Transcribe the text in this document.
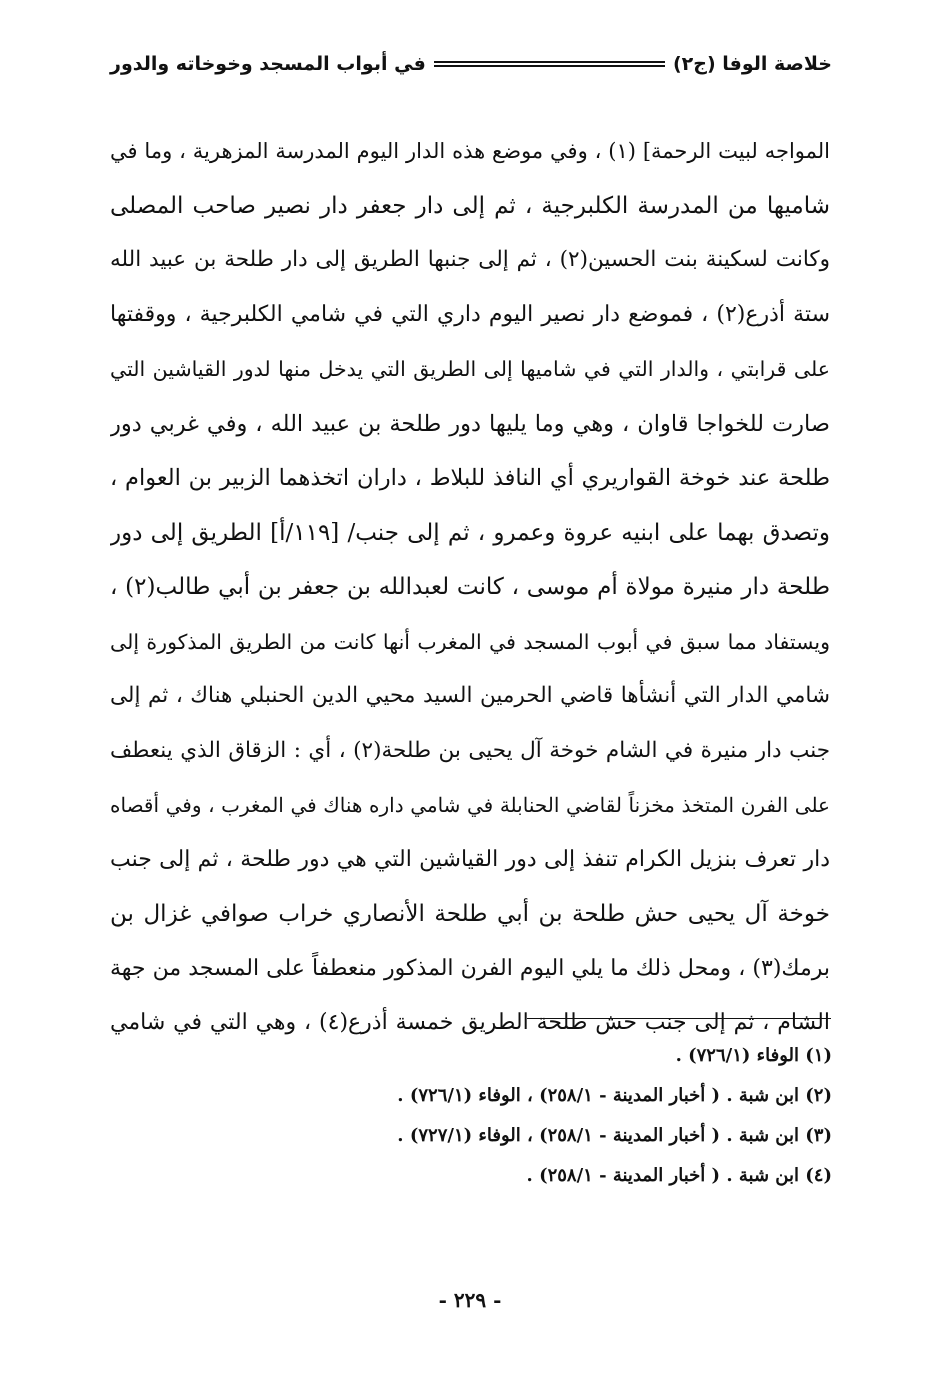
خلاصة الوفا (ج٢)
في أبواب المسجد وخوخاته والدور
المواجه لبيت الرحمة] (١) ، وفي موضع هذه الدار اليوم المدرسة المزهرية ، وما في
شاميها من المدرسة الكلبرجية ، ثم إلى دار جعفر دار نصير صاحب المصلى
وكانت لسكينة بنت الحسين(٢) ، ثم إلى جنبها الطريق إلى دار طلحة بن عبيد الله
ستة أذرع(٢) ، فموضع دار نصير اليوم داري التي في شامي الكلبرجية ، ووقفتها
على قرابتي ، والدار التي في شاميها إلى الطريق التي يدخل منها لدور القياشين التي
صارت للخواجا قاوان ، وهي وما يليها دور طلحة بن عبيد الله ، وفي غربي دور
طلحة عند خوخة القواريري أي النافذ للبلاط ، داران اتخذهما الزبير بن العوام ،
وتصدق بهما على ابنيه عروة وعمرو ، ثم إلى جنب/ [١١٩/أ] الطريق إلى دور
طلحة دار منيرة مولاة أم موسى ، كانت لعبدالله بن جعفر بن أبي طالب(٢) ،
ويستفاد مما سبق في أبوب المسجد في المغرب أنها كانت من الطريق المذكورة إلى
شامي الدار التي أنشأها قاضي الحرمين السيد محيي الدين الحنبلي هناك ، ثم إلى
جنب دار منيرة في الشام خوخة آل يحيى بن طلحة(٢) ، أي : الزقاق الذي ينعطف
على الفرن المتخذ مخزناً لقاضي الحنابلة في شامي داره هناك في المغرب ، وفي أقصاه
دار تعرف بنزيل الكرام تنفذ إلى دور القياشين التي هي دور طلحة ، ثم إلى جنب
خوخة آل يحيى حش طلحة بن أبي طلحة الأنصاري خراب صوافي غزال بن
برمك(٣) ، ومحل ذلك ما يلي اليوم الفرن المذكور منعطفاً على المسجد من جهة
الشام ، ثم إلى جنب حش طلحة الطريق خمسة أذرع(٤) ، وهي التي في شامي
(١) الوفاء (٧٢٦/١) .
(٢) ابن شبة . ( أخبار المدينة - ٢٥٨/١) ، الوفاء (٧٢٦/١) .
(٣) ابن شبة . ( أخبار المدينة - ٢٥٨/١) ، الوفاء (٧٢٧/١) .
(٤) ابن شبة . ( أخبار المدينة - ٢٥٨/١) .
- ٢٢٩ -
